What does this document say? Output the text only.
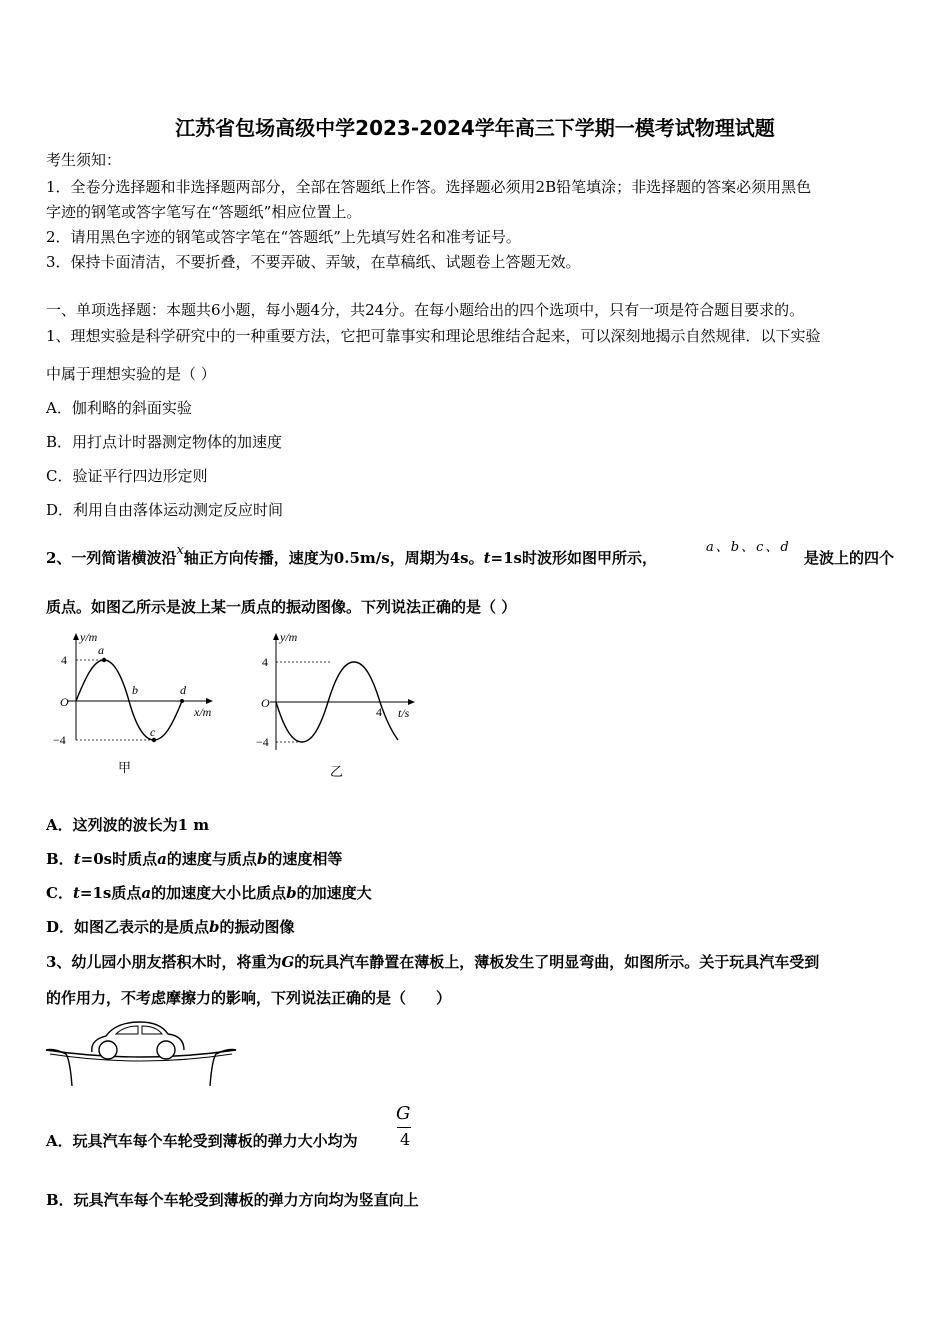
江苏省包场高级中学2023-2024学年高三下学期一模考试物理试题
考生须知：
1．全卷分选择题和非选择题两部分，全部在答题纸上作答。选择题必须用2B铅笔填涂；非选择题的答案必须用黑色
字迹的钢笔或答字笔写在“答题纸”相应位置上。
2．请用黑色字迹的钢笔或答字笔在“答题纸”上先填写姓名和准考证号。
3．保持卡面清洁，不要折叠，不要弄破、弄皱，在草稿纸、试题卷上答题无效。
一、单项选择题：本题共6小题，每小题4分，共24分。在每小题给出的四个选项中，只有一项是符合题目要求的。
1、理想实验是科学研究中的一种重要方法，它把可靠事实和理论思维结合起来，可以深刻地揭示自然规律．以下实验
中属于理想实验的是（ ）
A．伽利略的斜面实验
B．用打点计时器测定物体的加速度
C．验证平行四边形定则
D．利用自由落体运动测定反应时间
2、一列简谐横波沿x轴正方向传播，速度为0.5m/s，周期为4s。t=1s时波形如图甲所示，
a、b、c、d
是波上的四个
质点。如图乙所示是波上某一质点的振动图像。下列说法正确的是（ ）
y/m
4
−4
O
a
b
c
d
x/m
甲
y/m
4
−4
O
4 t/s
乙
A．这列波的波长为1 m
B．t=0s时质点a的速度与质点b的速度相等
C．t=1s质点a的加速度大小比质点b的加速度大
D．如图乙表示的是质点b的振动图像
3、幼儿园小朋友搭积木时，将重为G的玩具汽车静置在薄板上，薄板发生了明显弯曲，如图所示。关于玩具汽车受到
的作用力，不考虑摩擦力的影响，下列说法正确的是（　　）
A．玩具汽车每个车轮受到薄板的弹力大小均为
G
4
B．玩具汽车每个车轮受到薄板的弹力方向均为竖直向上
